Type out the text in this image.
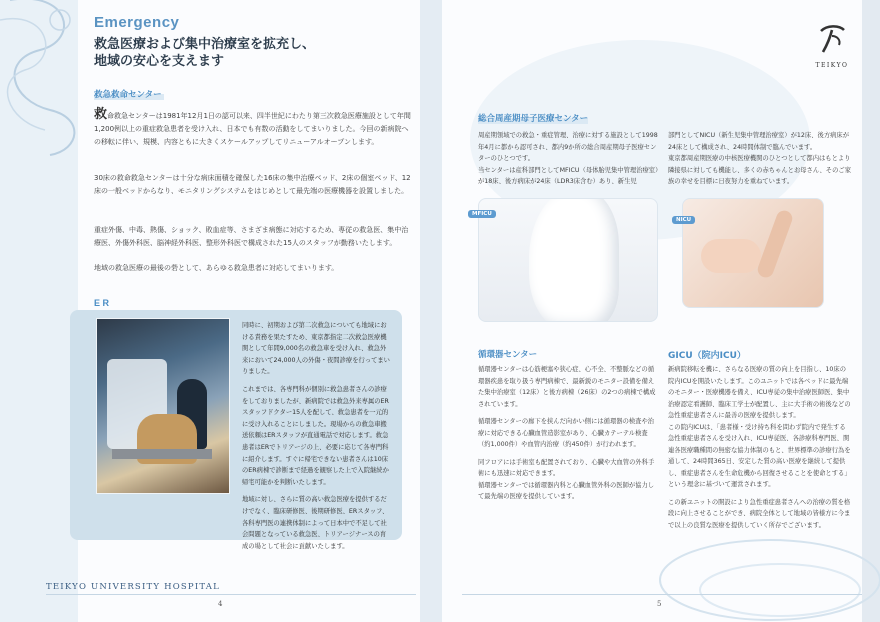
Emergency
救急医療および集中治療室を拡充し、
地域の安心を支えます	TEIKYO
救急救命センター

救命救急センターは1981年12月1日の認可以来、四半世紀にわたり第三次救急医療施設として年間1,200例以上の重症救急患者を受け入れ、日本でも有数の活動をしてまいりました。今回の新病院への移転に伴い、規模、内容ともに大きくスケールアップしてリニューアルオープンします。

30床の救命救急センターは十分な病床面積を確保した16床の集中治療ベッド、2床の個室ベッド、12床の一般ベッドからなり、モニタリングシステムをはじめとして最先端の医療機器を設置しました。
重症外傷、中毒、熱傷、ショック、敗血症等、さまざま病態に対応するため、専従の救急医、集中治療医、外傷外科医、脳神経外科医、整形外科医で構成された15人のスタッフが勤務いたします。
地域の救急医療の最後の砦として、あらゆる救急患者に対応してまいります。
E R

同時に、初期および第二次救急についても地域における責務を果たすため、東京都指定二次救急医療機関として年間9,000名の救急車を受け入れ、救急外来において24,000人の外傷・夜間診療を行ってまいりました。

これまでは、各専門科が個別に救急患者さんの診療をしておりましたが、新病院では救急外来専属のERスタッフドクター15人を配して、救急患者を一元的に受け入れることにしました。現場からの救急車搬送依頼はERスタッフが直通電話で対応します。救急患者はERでトリアージの上、必要に応じて各専門科に紹介します。すぐに帰宅できない患者さんは10床のER病棟で診断まで経過を観察した上で入院継続か帰宅可能かを判断いたします。

地域に対し、さらに質の高い救急医療を提供するだけでなく、臨床研修医、後期研修医、ERスタッフ、各科専門医の連携体制によって日本中で不足して社会問題となっている救急医、トリアージナースの育成の場として社会に貢献いたします。

総合周産期母子医療センター

周産期領域での救急・重症管理、治療に対する施設として1998年4月に都から認可され、都内9か所の総合周産期母子医療センターのひとつです。

当センターは産科部門としてMFICU（母体胎児集中管理治療室）が18床、後方病床が24床（LDR3床含む）あり、新生児

部門としてNICU（新生児集中管理治療室）が12床、後方病床が24床として構成され、24時間体制で臨んでいます。

東京都周産期医療の中核医療機関のひとつとして都内はもとより隣接県に対しても機能し、多くの赤ちゃんとお母さん、そのご家族の幸せを目標に日夜努力を重ねています。

MFICU
NICU
循環器センター

循環器センターは心筋梗塞や狭心症、心不全、不整脈などの循環器疾患を取り扱う専門病棟で、最新鋭のモニター設備を備えた集中治療室（12床）と後方病棟（26床）の2つの病棟で構成されています。

循環器センターの廊下を挟んだ向かい側には循環器の検査や治療に対応できる心臓血管造影室があり、心臓カテーテル検査（約1,000件）や血管内治療（約450件）が行われます。

同フロアには手術室も配置されており、心臓や大血管の外科手術にも迅速に対応できます。

循環器センターでは循環器内科と心臓血管外科の医師が協力して最先端の医療を提供しています。

GICU（院内ICU）

新病院移転を機に、さらなる医療の質の向上を目指し、10床の院内ICUを開設いたします。このユニットでは各ベッドに最先端のモニター・医療機器を備え、ICU専従の集中治療医師医、集中治療認定看護師、臨床工学士が配置し、主に大手術の術後などの急性重症患者さんに最善の医療を提供します。

この院内ICUは、「患者様・受け持ち科を問わず院内で発生する急性重症患者さんを受け入れ、ICU専従医、各診療科専門医、関連各医療職種間の無密な協力体制のもと、世界標準の診療行為を通して、24時間365日、安定した質の高い医療を継続して提供し、重症患者さんを生命危機から回復させることを使命とする」という理念に基づいて運営されます。

この新ユニットの開設により急性重症患者さんへの治療の質を格段に向上させることができ、病院全体として地域の皆様方に今まで以上の良質な医療を提供していく所存でございます。

TEIKYO UNIVERSITY HOSPITAL
4	5
